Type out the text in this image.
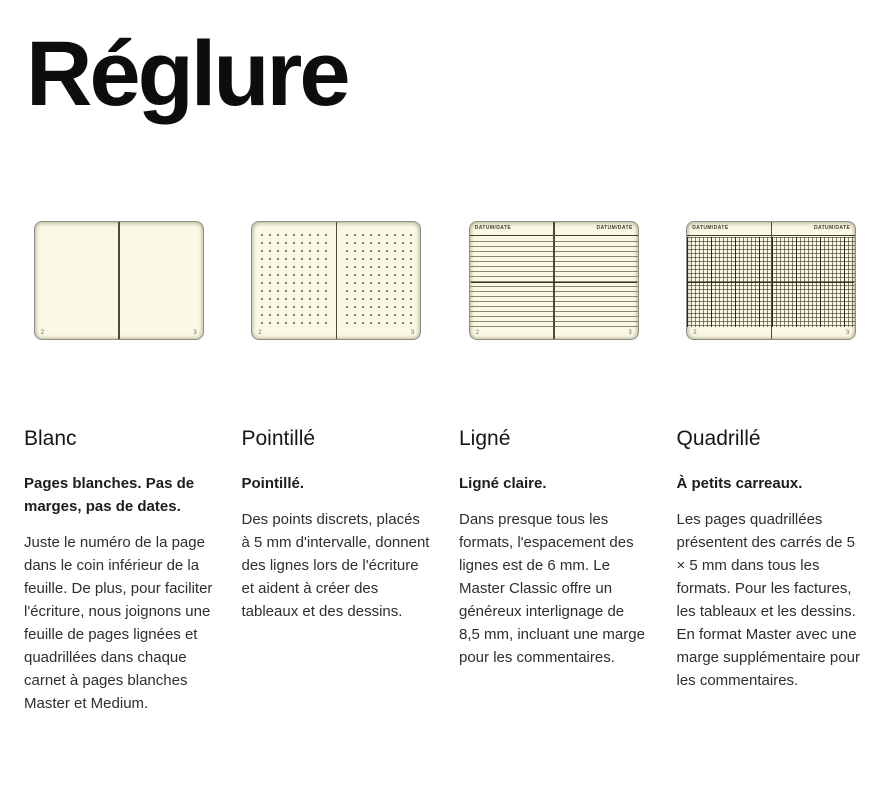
Réglure
2	3
Blanc
Pages blanches. Pas de marges, pas de dates.

Juste le numéro de la page dans le coin inférieur de la feuille. De plus, pour faciliter l'écriture, nous joignons une feuille de pages lignées et quadrillées dans chaque carnet à pages blanches Master et Medium.

2	3
Pointillé
Pointillé.

Des points discrets, placés à 5 mm d'intervalle, donnent des lignes lors de l'écriture et aident à créer des tableaux et des dessins.

DATUM/DATE
2
DATUM/DATE
3
Ligné
Ligné claire.

Dans presque tous les formats, l'espacement des lignes est de 6 mm. Le Master Classic offre un généreux interlignage de 8,5 mm, incluant une marge pour les commentaires.

DATUM/DATE
2
DATUM/DATE
3
Quadrillé
À petits carreaux.

Les pages quadrillées présentent des carrés de 5 × 5 mm dans tous les formats. Pour les factures, les tableaux et les dessins. En format Master avec une marge supplémentaire pour les commentaires.
